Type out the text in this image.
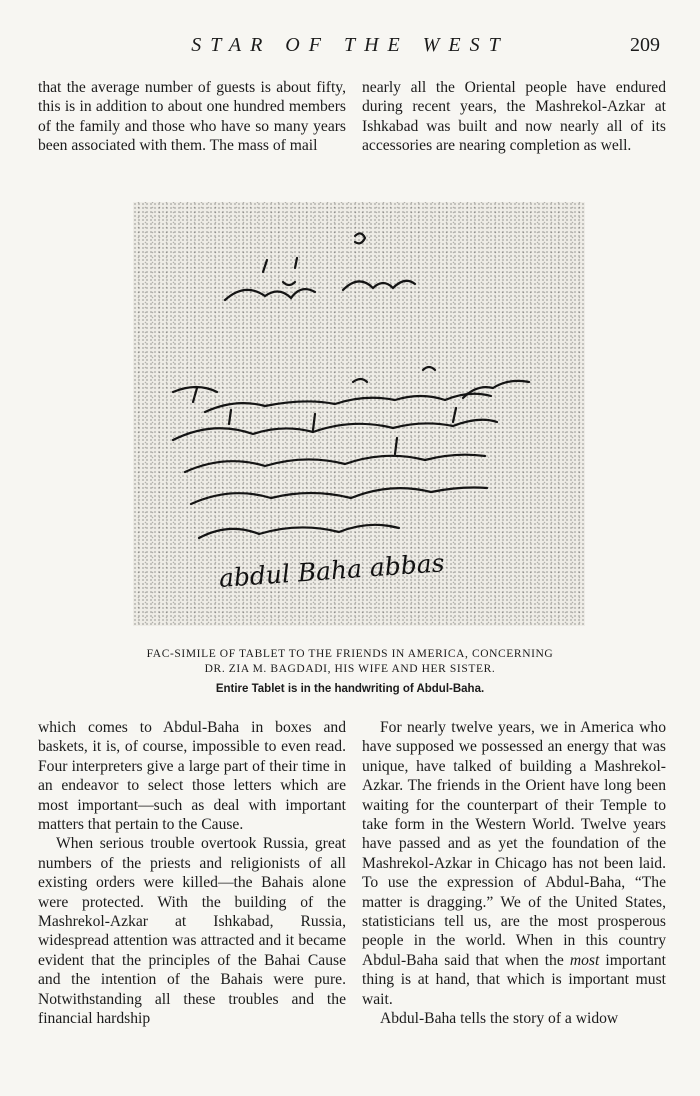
STAR OF THE WEST	209

that the average number of guests is about fifty, this is in addition to about one hundred members of the family and those who have so many years been associated with them. The mass of mail

nearly all the Oriental people have endured during recent years, the Mashrekol-Azkar at Ishkabad was built and now nearly all of its accessories are nearing completion as well.

abdul Baha abbas
FAC-SIMILE OF TABLET TO THE FRIENDS IN AMERICA, CONCERNING
DR. ZIA M. BAGDADI, HIS WIFE AND HER SISTER.
Entire Tablet is in the handwriting of Abdul-Baha.

which comes to Abdul-Baha in boxes and baskets, it is, of course, impossible to even read. Four interpreters give a large part of their time in an endeavor to select those letters which are most important—such as deal with important matters that pertain to the Cause.

When serious trouble overtook Russia, great numbers of the priests and religionists of all existing orders were killed—the Bahais alone were protected. With the building of the Mashrekol-Azkar at Ishkabad, Russia, widespread attention was attracted and it became evident that the principles of the Bahai Cause and the intention of the Bahais were pure. Notwithstanding all these troubles and the financial hardship

For nearly twelve years, we in America who have supposed we possessed an energy that was unique, have talked of building a Mashrekol-Azkar. The friends in the Orient have long been waiting for the counterpart of their Temple to take form in the Western World. Twelve years have passed and as yet the foundation of the Mashrekol-Azkar in Chicago has not been laid. To use the expression of Abdul-Baha, “The matter is dragging.” We of the United States, statisticians tell us, are the most prosperous people in the world. When in this country Abdul-Baha said that when the most important thing is at hand, that which is important must wait.

Abdul-Baha tells the story of a widow
